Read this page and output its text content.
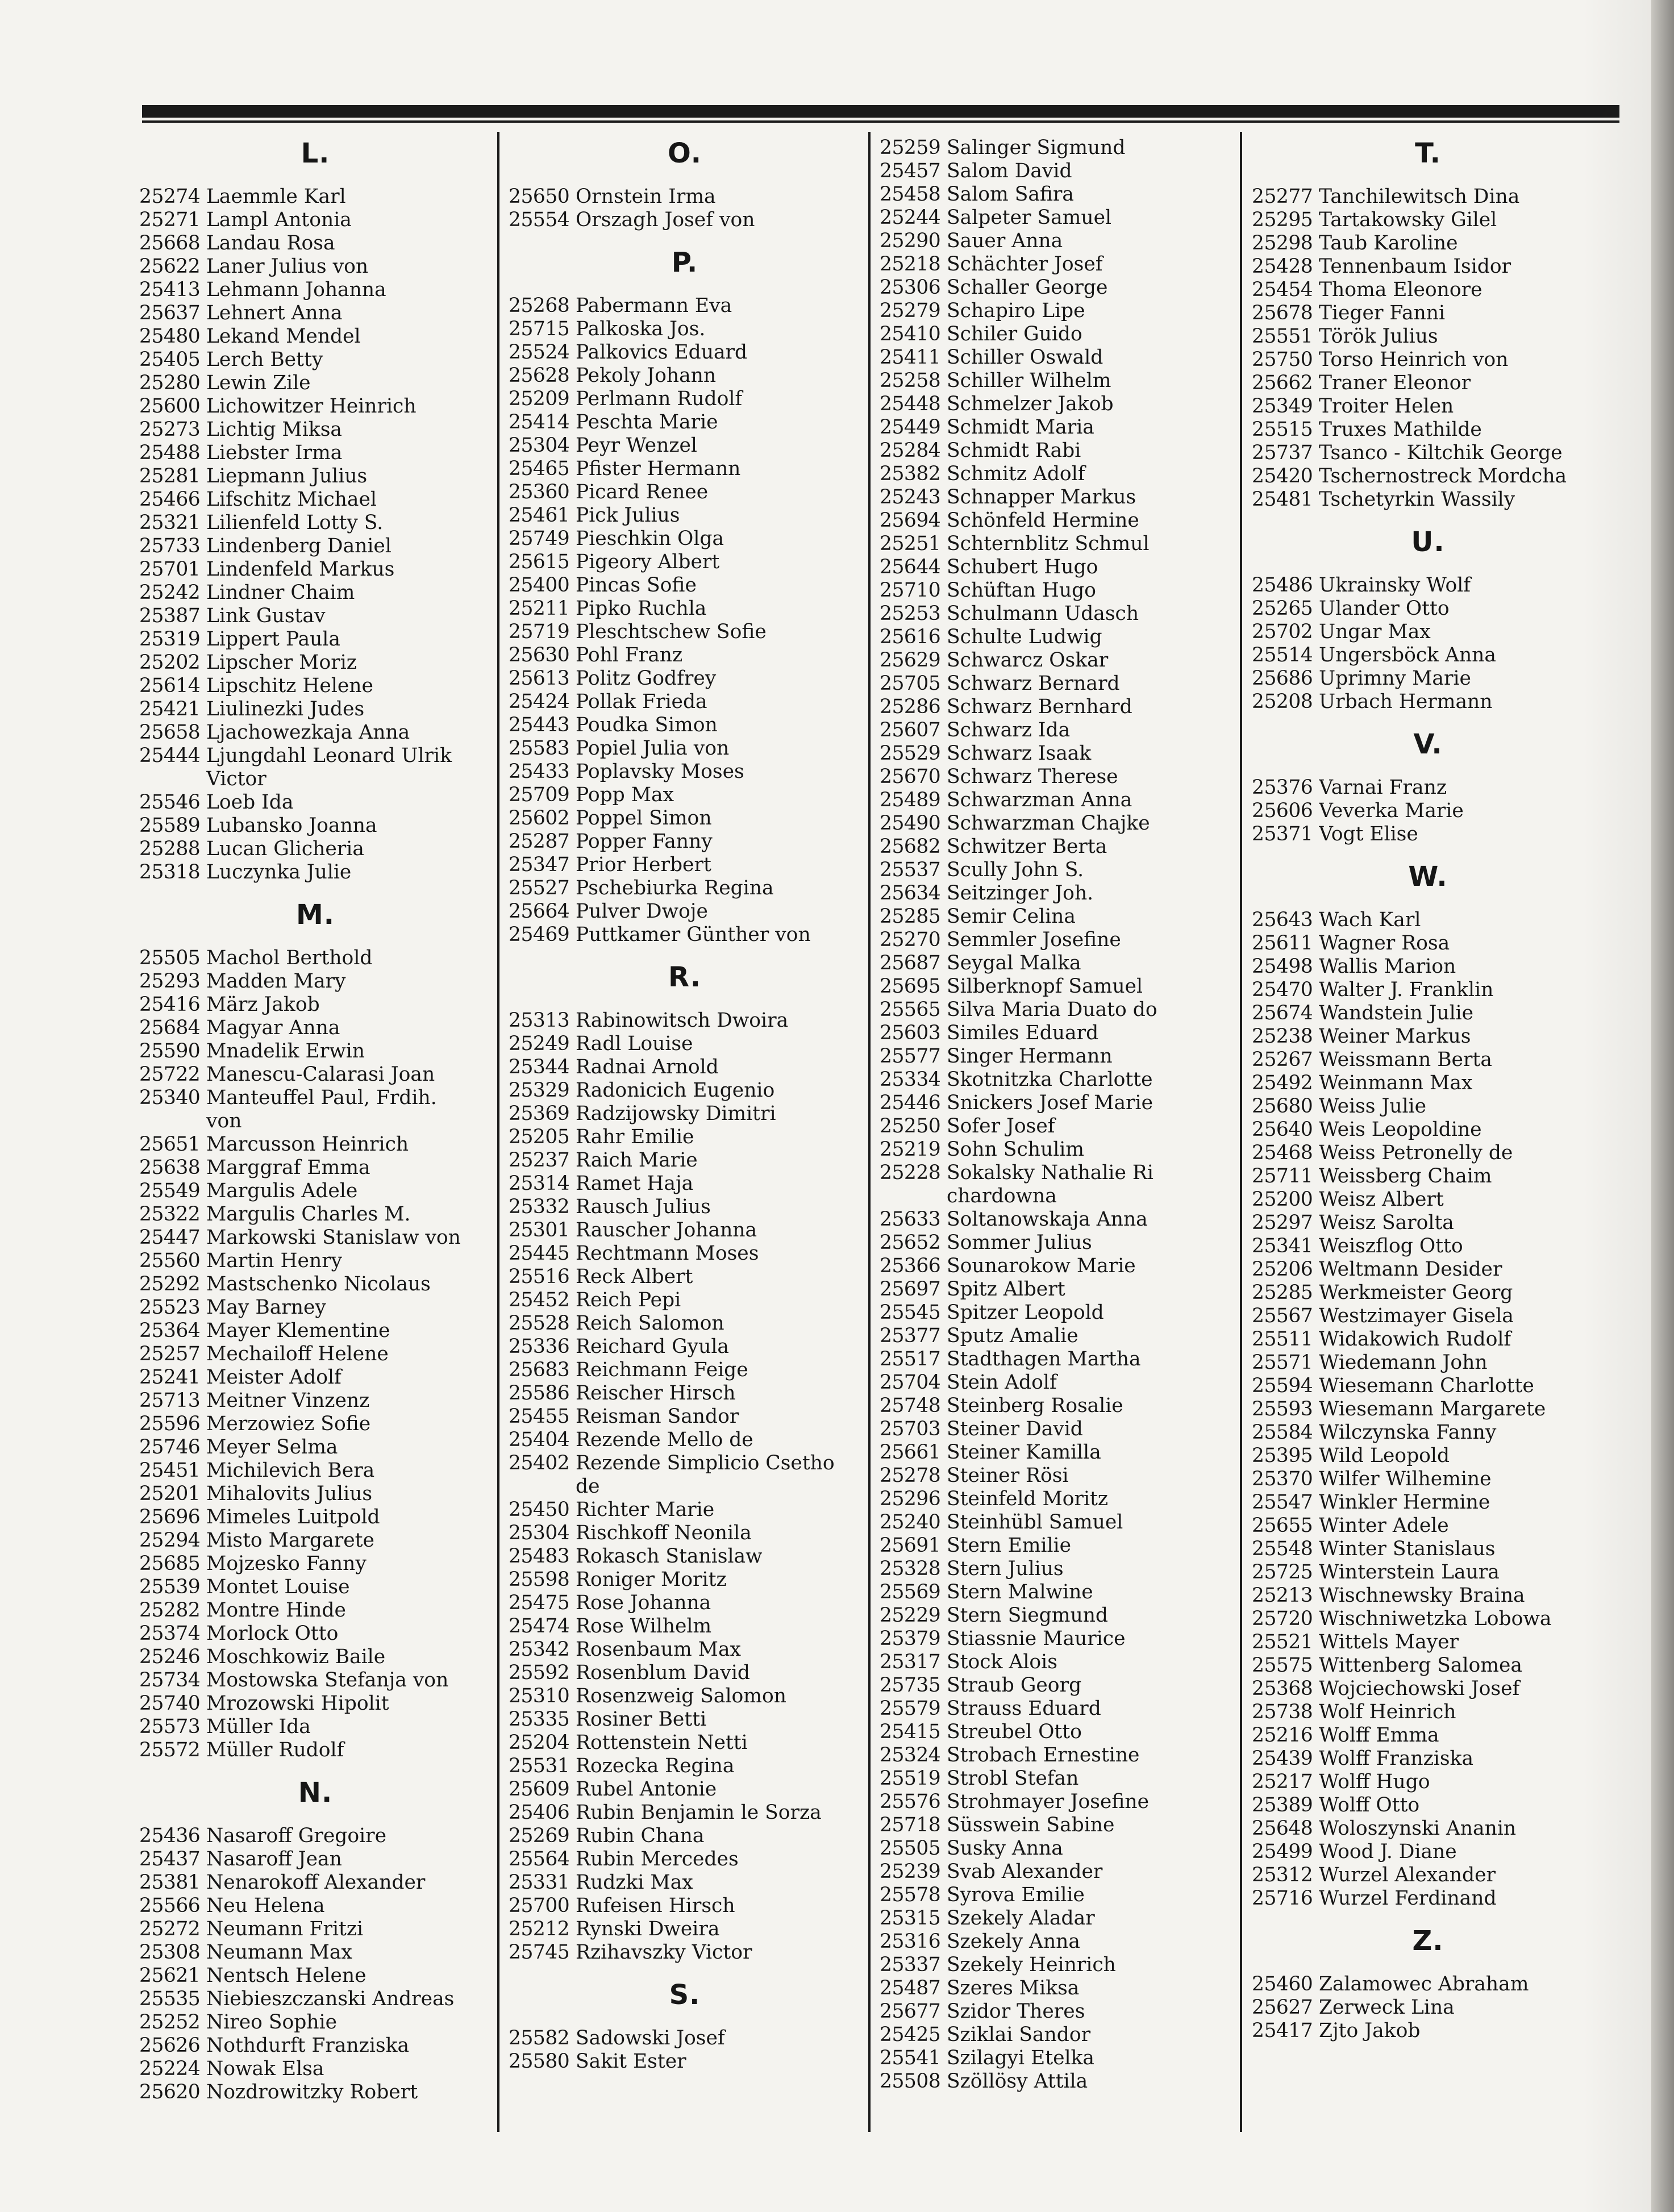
L.
25274 Laemmle Karl
25271 Lampl Antonia
25668 Landau Rosa
25622 Laner Julius von
25413 Lehmann Johanna
25637 Lehnert Anna
25480 Lekand Mendel
25405 Lerch Betty
25280 Lewin Zile
25600 Lichowitzer Heinrich
25273 Lichtig Miksa
25488 Liebster Irma
25281 Liepmann Julius
25466 Lifschitz Michael
25321 Lilienfeld Lotty S.
25733 Lindenberg Daniel
25701 Lindenfeld Markus
25242 Lindner Chaim
25387 Link Gustav
25319 Lippert Paula
25202 Lipscher Moriz
25614 Lipschitz Helene
25421 Liulinezki Judes
25658 Ljachowezkaja Anna
25444 Ljungdahl Leonard Ulrik
Victor
25546 Loeb Ida
25589 Lubansko Joanna
25288 Lucan Glicheria
25318 Luczynka Julie
M.
25505 Machol Berthold
25293 Madden Mary
25416 März Jakob
25684 Magyar Anna
25590 Mnadelik Erwin
25722 Manescu-Calarasi Joan
25340 Manteuffel Paul, Frdih.
von
25651 Marcusson Heinrich
25638 Marggraf Emma
25549 Margulis Adele
25322 Margulis Charles M.
25447 Markowski Stanislaw von
25560 Martin Henry
25292 Mastschenko Nicolaus
25523 May Barney
25364 Mayer Klementine
25257 Mechailoff Helene
25241 Meister Adolf
25713 Meitner Vinzenz
25596 Merzowiez Sofie
25746 Meyer Selma
25451 Michilevich Bera
25201 Mihalovits Julius
25696 Mimeles Luitpold
25294 Misto Margarete
25685 Mojzesko Fanny
25539 Montet Louise
25282 Montre Hinde
25374 Morlock Otto
25246 Moschkowiz Baile
25734 Mostowska Stefanja von
25740 Mrozowski Hipolit
25573 Müller Ida
25572 Müller Rudolf
N.
25436 Nasaroff Gregoire
25437 Nasaroff Jean
25381 Nenarokoff Alexander
25566 Neu Helena
25272 Neumann Fritzi
25308 Neumann Max
25621 Nentsch Helene
25535 Niebieszczanski Andreas
25252 Nireo Sophie
25626 Nothdurft Franziska
25224 Nowak Elsa
25620 Nozdrowitzky Robert
O.
25650 Ornstein Irma
25554 Orszagh Josef von
P.
25268 Pabermann Eva
25715 Palkoska Jos.
25524 Palkovics Eduard
25628 Pekoly Johann
25209 Perlmann Rudolf
25414 Peschta Marie
25304 Peyr Wenzel
25465 Pfister Hermann
25360 Picard Renee
25461 Pick Julius
25749 Pieschkin Olga
25615 Pigeory Albert
25400 Pincas Sofie
25211 Pipko Ruchla
25719 Pleschtschew Sofie
25630 Pohl Franz
25613 Politz Godfrey
25424 Pollak Frieda
25443 Poudka Simon
25583 Popiel Julia von
25433 Poplavsky Moses
25709 Popp Max
25602 Poppel Simon
25287 Popper Fanny
25347 Prior Herbert
25527 Pschebiurka Regina
25664 Pulver Dwoje
25469 Puttkamer Günther von
R.
25313 Rabinowitsch Dwoira
25249 Radl Louise
25344 Radnai Arnold
25329 Radonicich Eugenio
25369 Radzijowsky Dimitri
25205 Rahr Emilie
25237 Raich Marie
25314 Ramet Haja
25332 Rausch Julius
25301 Rauscher Johanna
25445 Rechtmann Moses
25516 Reck Albert
25452 Reich Pepi
25528 Reich Salomon
25336 Reichard Gyula
25683 Reichmann Feige
25586 Reischer Hirsch
25455 Reisman Sandor
25404 Rezende Mello de
25402 Rezende Simplicio Csetho
de
25450 Richter Marie
25304 Rischkoff Neonila
25483 Rokasch Stanislaw
25598 Roniger Moritz
25475 Rose Johanna
25474 Rose Wilhelm
25342 Rosenbaum Max
25592 Rosenblum David
25310 Rosenzweig Salomon
25335 Rosiner Betti
25204 Rottenstein Netti
25531 Rozecka Regina
25609 Rubel Antonie
25406 Rubin Benjamin le Sorza
25269 Rubin Chana
25564 Rubin Mercedes
25331 Rudzki Max
25700 Rufeisen Hirsch
25212 Rynski Dweira
25745 Rzihavszky Victor
S.
25582 Sadowski Josef
25580 Sakit Ester
25259 Salinger Sigmund
25457 Salom David
25458 Salom Safira
25244 Salpeter Samuel
25290 Sauer Anna
25218 Schächter Josef
25306 Schaller George
25279 Schapiro Lipe
25410 Schiler Guido
25411 Schiller Oswald
25258 Schiller Wilhelm
25448 Schmelzer Jakob
25449 Schmidt Maria
25284 Schmidt Rabi
25382 Schmitz Adolf
25243 Schnapper Markus
25694 Schönfeld Hermine
25251 Schternblitz Schmul
25644 Schubert Hugo
25710 Schüftan Hugo
25253 Schulmann Udasch
25616 Schulte Ludwig
25629 Schwarcz Oskar
25705 Schwarz Bernard
25286 Schwarz Bernhard
25607 Schwarz Ida
25529 Schwarz Isaak
25670 Schwarz Therese
25489 Schwarzman Anna
25490 Schwarzman Chajke
25682 Schwitzer Berta
25537 Scully John S.
25634 Seitzinger Joh.
25285 Semir Celina
25270 Semmler Josefine
25687 Seygal Malka
25695 Silberknopf Samuel
25565 Silva Maria Duato do
25603 Similes Eduard
25577 Singer Hermann
25334 Skotnitzka Charlotte
25446 Snickers Josef Marie
25250 Sofer Josef
25219 Sohn Schulim
25228 Sokalsky Nathalie Ri
chardowna
25633 Soltanowskaja Anna
25652 Sommer Julius
25366 Sounarokow Marie
25697 Spitz Albert
25545 Spitzer Leopold
25377 Sputz Amalie
25517 Stadthagen Martha
25704 Stein Adolf
25748 Steinberg Rosalie
25703 Steiner David
25661 Steiner Kamilla
25278 Steiner Rösi
25296 Steinfeld Moritz
25240 Steinhübl Samuel
25691 Stern Emilie
25328 Stern Julius
25569 Stern Malwine
25229 Stern Siegmund
25379 Stiassnie Maurice
25317 Stock Alois
25735 Straub Georg
25579 Strauss Eduard
25415 Streubel Otto
25324 Strobach Ernestine
25519 Strobl Stefan
25576 Strohmayer Josefine
25718 Süsswein Sabine
25505 Susky Anna
25239 Svab Alexander
25578 Syrova Emilie
25315 Szekely Aladar
25316 Szekely Anna
25337 Szekely Heinrich
25487 Szeres Miksa
25677 Szidor Theres
25425 Sziklai Sandor
25541 Szilagyi Etelka
25508 Szöllösy Attila
T.
25277 Tanchilewitsch Dina
25295 Tartakowsky Gilel
25298 Taub Karoline
25428 Tennenbaum Isidor
25454 Thoma Eleonore
25678 Tieger Fanni
25551 Török Julius
25750 Torso Heinrich von
25662 Traner Eleonor
25349 Troiter Helen
25515 Truxes Mathilde
25737 Tsanco - Kiltchik George
25420 Tschernostreck Mordcha
25481 Tschetyrkin Wassily
U.
25486 Ukrainsky Wolf
25265 Ulander Otto
25702 Ungar Max
25514 Ungersböck Anna
25686 Uprimny Marie
25208 Urbach Hermann
V.
25376 Varnai Franz
25606 Veverka Marie
25371 Vogt Elise
W.
25643 Wach Karl
25611 Wagner Rosa
25498 Wallis Marion
25470 Walter J. Franklin
25674 Wandstein Julie
25238 Weiner Markus
25267 Weissmann Berta
25492 Weinmann Max
25680 Weiss Julie
25640 Weis Leopoldine
25468 Weiss Petronelly de
25711 Weissberg Chaim
25200 Weisz Albert
25297 Weisz Sarolta
25341 Weiszflog Otto
25206 Weltmann Desider
25285 Werkmeister Georg
25567 Westzimayer Gisela
25511 Widakowich Rudolf
25571 Wiedemann John
25594 Wiesemann Charlotte
25593 Wiesemann Margarete
25584 Wilczynska Fanny
25395 Wild Leopold
25370 Wilfer Wilhemine
25547 Winkler Hermine
25655 Winter Adele
25548 Winter Stanislaus
25725 Winterstein Laura
25213 Wischnewsky Braina
25720 Wischniwetzka Lobowa
25521 Wittels Mayer
25575 Wittenberg Salomea
25368 Wojciechowski Josef
25738 Wolf Heinrich
25216 Wolff Emma
25439 Wolff Franziska
25217 Wolff Hugo
25389 Wolff Otto
25648 Woloszynski Ananin
25499 Wood J. Diane
25312 Wurzel Alexander
25716 Wurzel Ferdinand
Z.
25460 Zalamowec Abraham
25627 Zerweck Lina
25417 Zjto Jakob
